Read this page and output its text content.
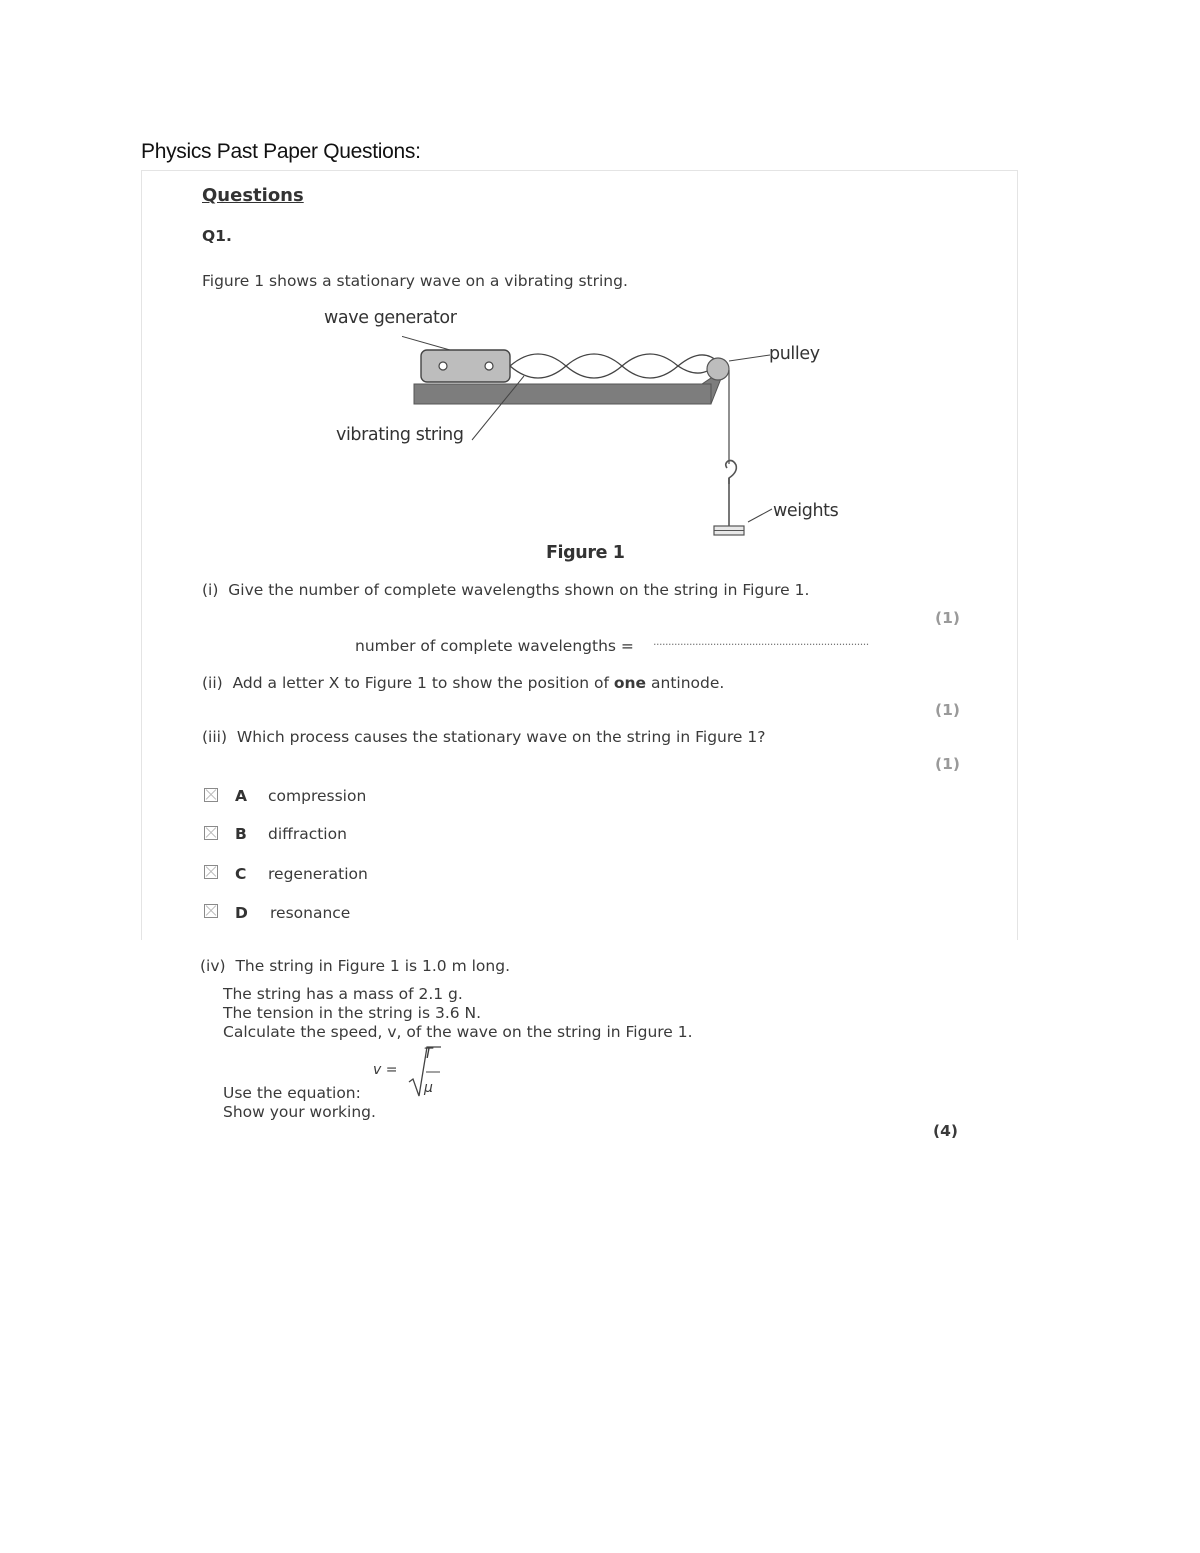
Physics Past Paper Questions:
Questions
Q1.
Figure 1 shows a stationary wave on a vibrating string.
wave generator
pulley
vibrating string
weights
Figure 1
(i) Give the number of complete wavelengths shown on the string in Figure 1.
(1)
number of complete wavelengths = ........................................................................
(ii) Add a letter X to Figure 1 to show the position of one antinode.
(1)
(iii) Which process causes the stationary wave on the string in Figure 1?
(1)
A compression
B diffraction
C regeneration
D resonance
(iv) The string in Figure 1 is 1.0 m long.
The string has a mass of 2.1 g.
The tension in the string is 3.6 N.
Calculate the speed, v, of the wave on the string in Figure 1.
v =
T
μ
Use the equation:
Show your working.
(4)
